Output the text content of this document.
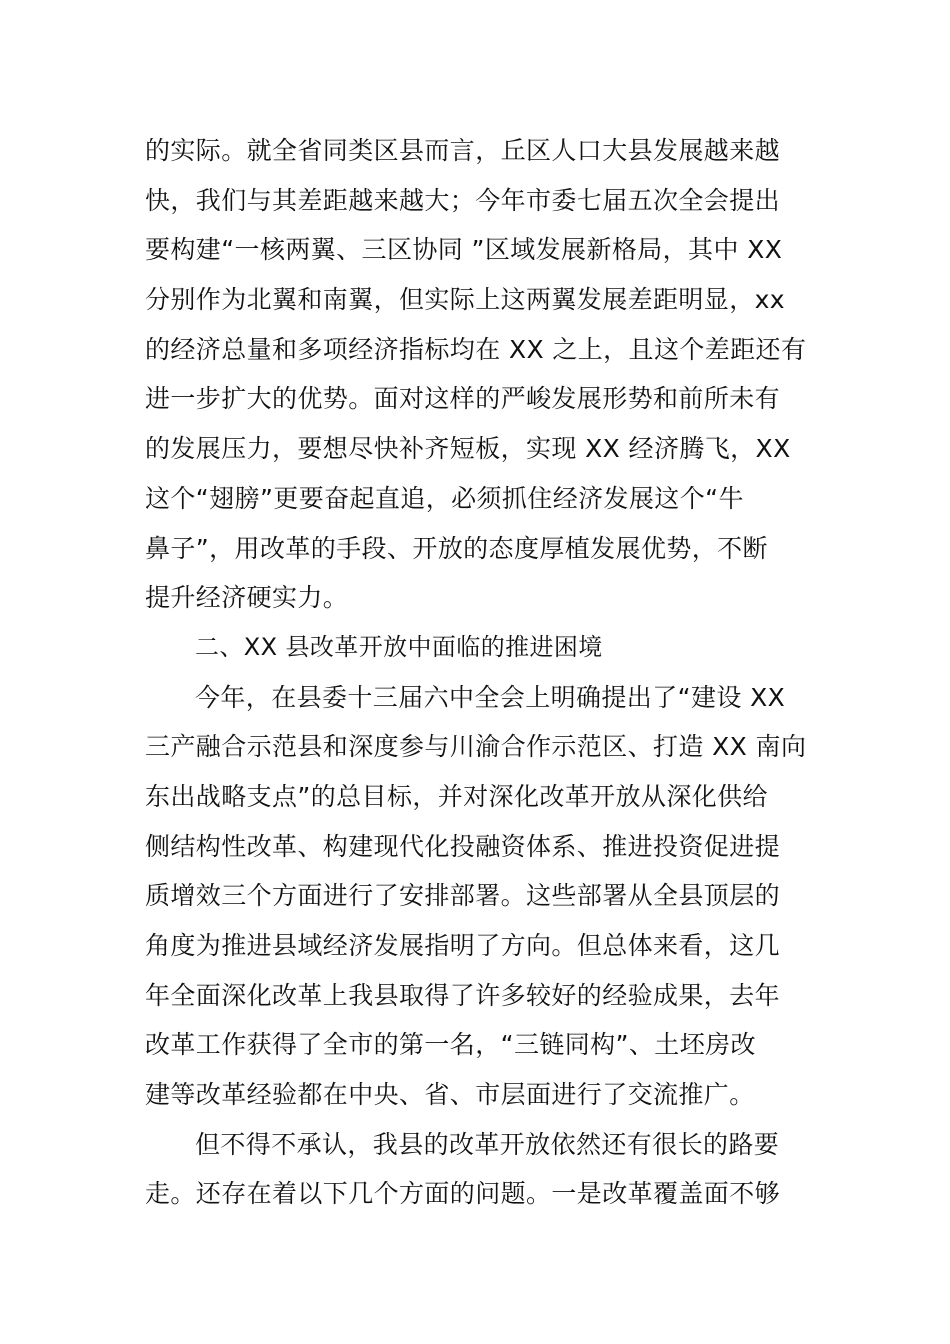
的实际。就全省同类区县而言，丘区人口大县发展越来越
快，我们与其差距越来越大；今年市委七届五次全会提出
要构建“一核两翼、三区协同 ”区域发展新格局，其中 XX
分别作为北翼和南翼，但实际上这两翼发展差距明显，xx
的经济总量和多项经济指标均在 XX 之上，且这个差距还有
进一步扩大的优势。面对这样的严峻发展形势和前所未有
的发展压力，要想尽快补齐短板，实现 XX 经济腾飞，XX
这个“翅膀”更要奋起直追，必须抓住经济发展这个“牛
鼻子”，用改革的手段、开放的态度厚植发展优势，不断
提升经济硬实力。
二、XX 县改革开放中面临的推进困境
今年，在县委十三届六中全会上明确提出了“建设 XX
三产融合示范县和深度参与川渝合作示范区、打造 XX 南向
东出战略支点”的总目标，并对深化改革开放从深化供给
侧结构性改革、构建现代化投融资体系、推进投资促进提
质增效三个方面进行了安排部署。这些部署从全县顶层的
角度为推进县域经济发展指明了方向。但总体来看，这几
年全面深化改革上我县取得了许多较好的经验成果，去年
改革工作获得了全市的第一名，“三链同构”、土坯房改
建等改革经验都在中央、省、市层面进行了交流推广。
但不得不承认，我县的改革开放依然还有很长的路要
走。还存在着以下几个方面的问题。一是改革覆盖面不够
